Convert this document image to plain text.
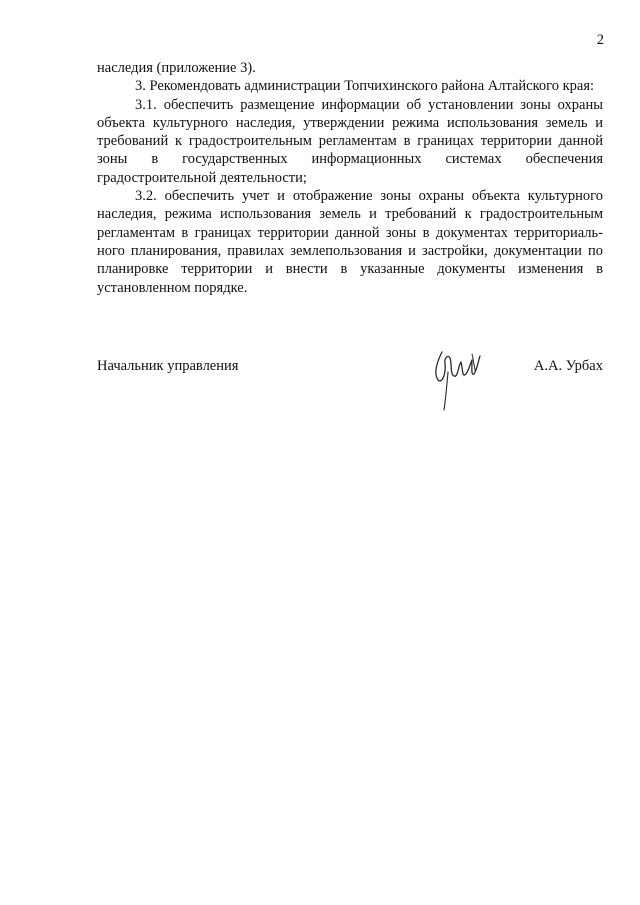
2

наследия (приложение 3).

3. Рекомендовать администрации Топчихинского района Алтайского края:

3.1. обеспечить размещение информации об установлении зоны охраны объекта культурного наследия, утверждении режима использования земель и требований к градостроительным регламентам в границах территории данной зоны в государственных информационных системах обеспечения градостроительной деятельности;

3.2. обеспечить учет и отображение зоны охраны объекта культурного наследия, режима использования земель и требований к градостроительным регламентам в границах территории данной зоны в документах территориального планирования, правилах землепользования и застройки, документации по планировке территории и внести в указанные документы изменения в установленном порядке.

Начальник управления	А.А. Урбах
